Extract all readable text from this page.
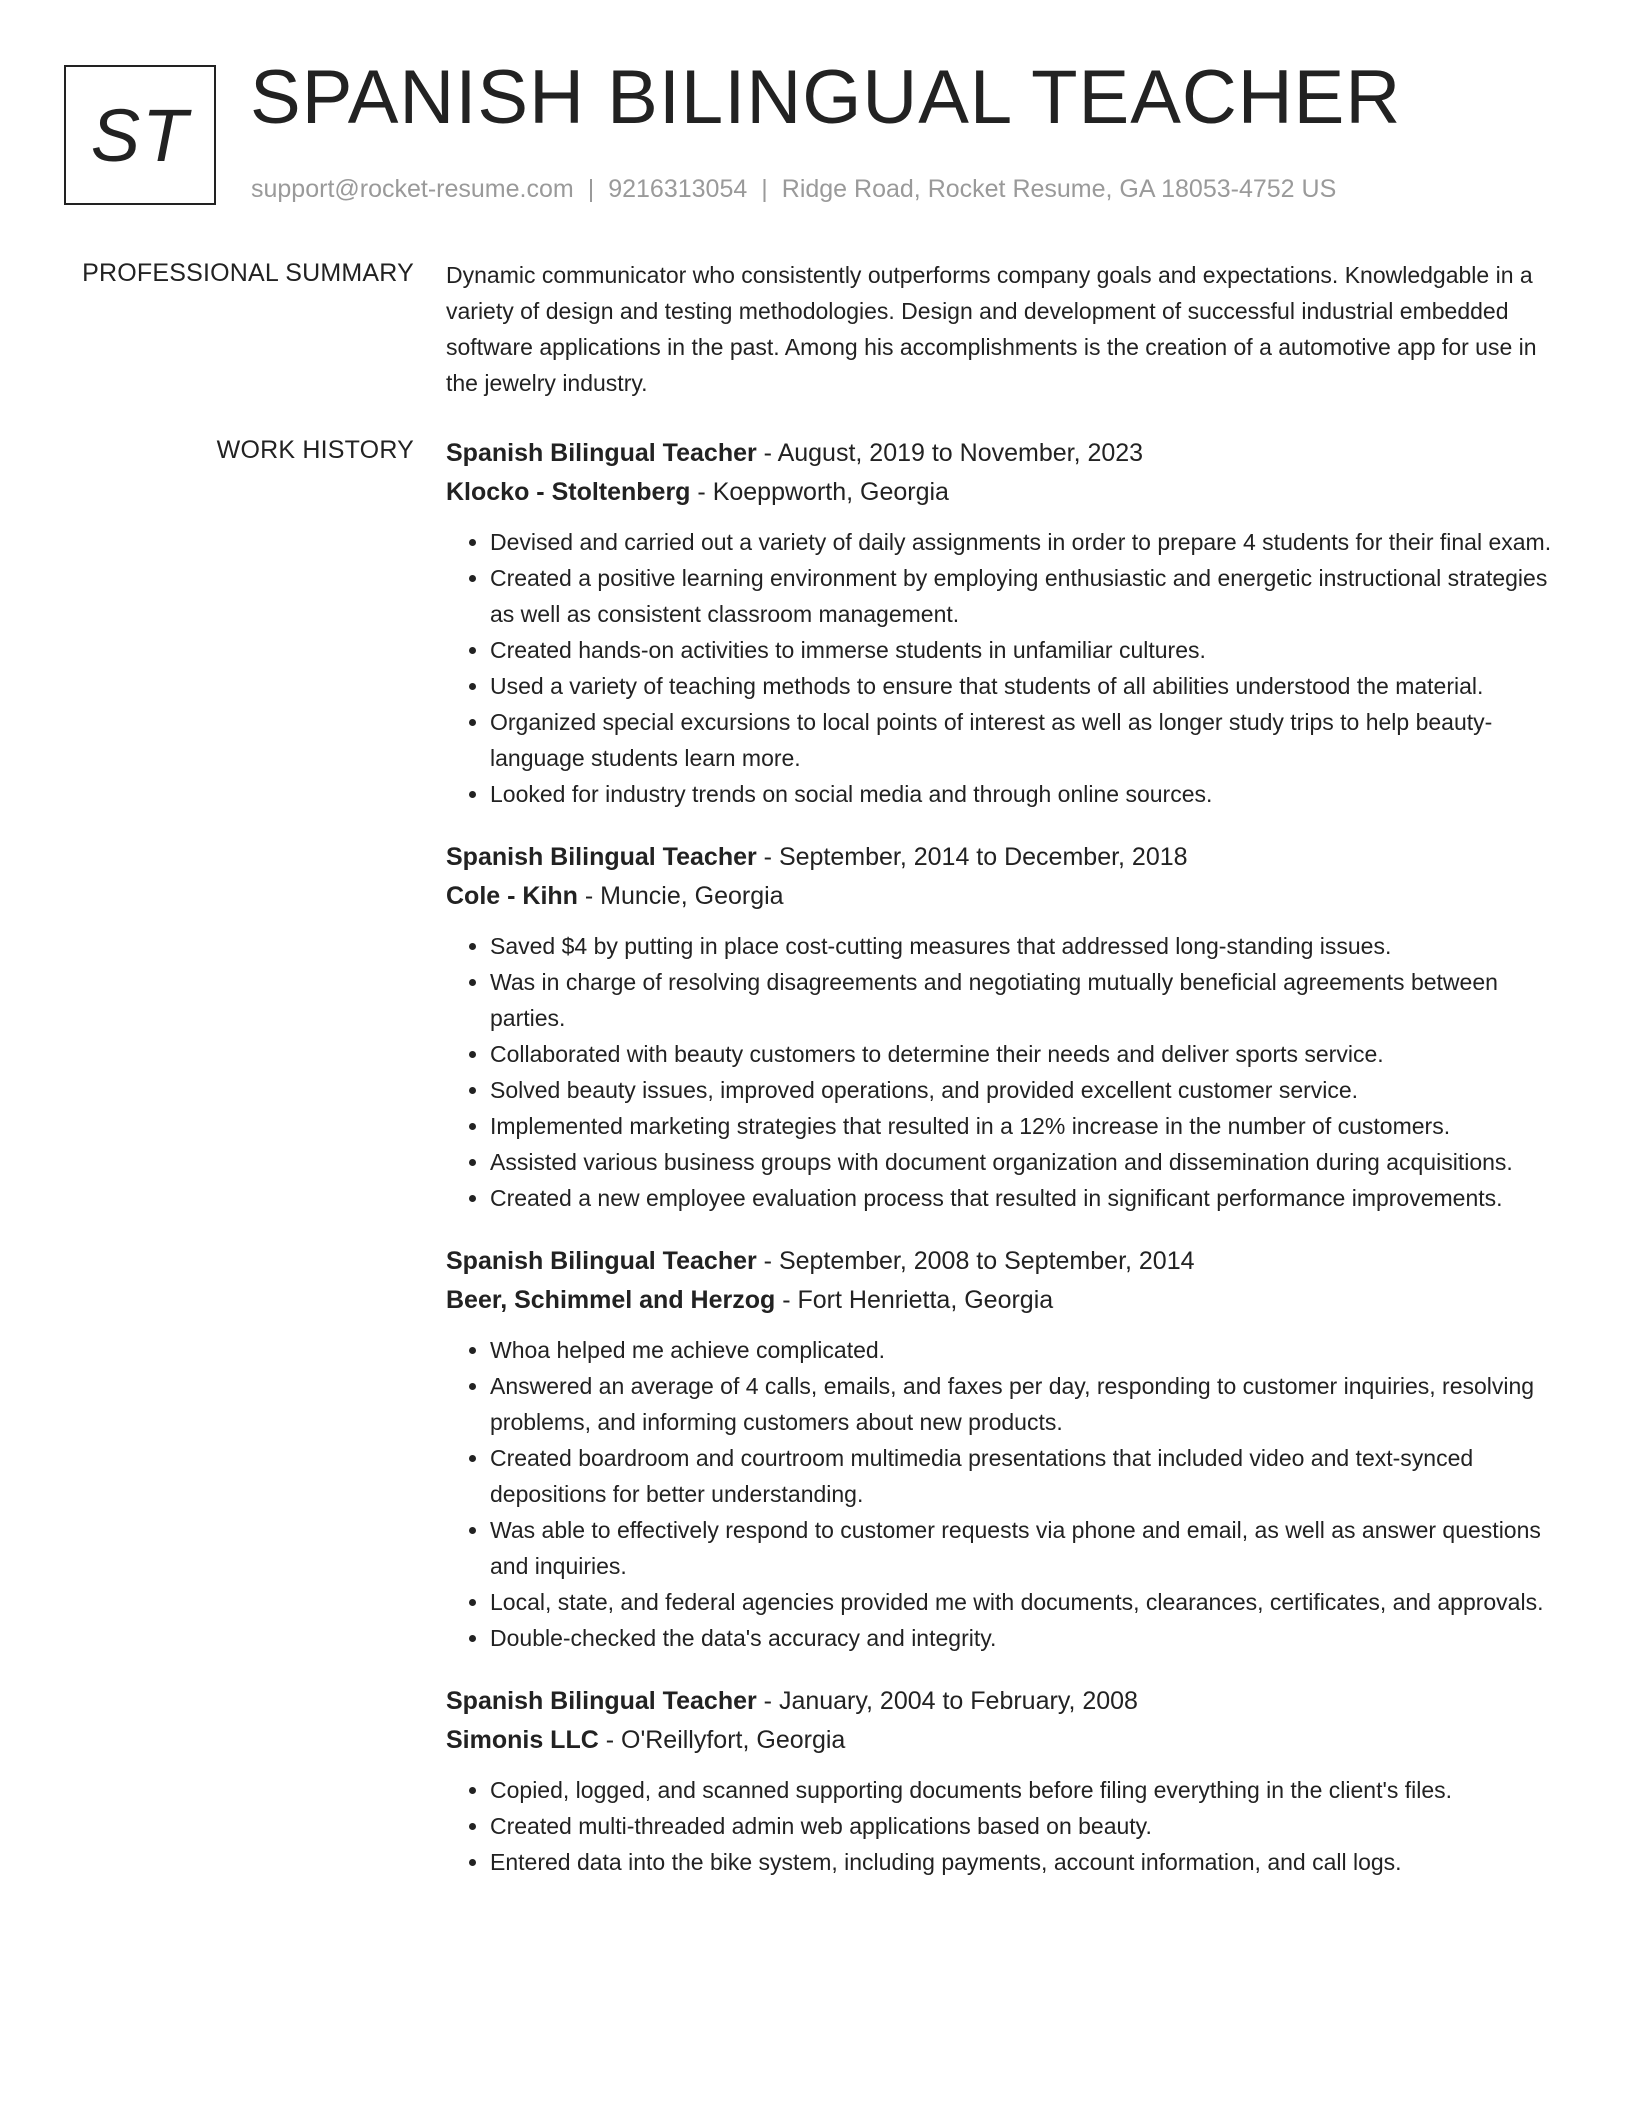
ST SPANISH BILINGUAL TEACHER
support@rocket-resume.com | 9216313054 | Ridge Road, Rocket Resume, GA 18053-4752 US
PROFESSIONAL SUMMARY Dynamic communicator who consistently outperforms company goals and expectations. Knowledgable in a variety of design and testing methodologies. Design and development of successful industrial embedded software applications in the past. Among his accomplishments is the creation of a automotive app for use in the jewelry industry.

WORK HISTORY Spanish Bilingual Teacher - August, 2019 to November, 2023
Klocko - Stoltenberg - Koeppworth, Georgia
• Devised and carried out a variety of daily assignments in order to prepare 4 students for their final exam.
• Created a positive learning environment by employing enthusiastic and energetic instructional strategies as well as consistent classroom management.
• Created hands-on activities to immerse students in unfamiliar cultures.
• Used a variety of teaching methods to ensure that students of all abilities understood the material.
• Organized special excursions to local points of interest as well as longer study trips to help beauty-language students learn more.
• Looked for industry trends on social media and through online sources.
Spanish Bilingual Teacher - September, 2014 to December, 2018
Cole - Kihn - Muncie, Georgia
• Saved $4 by putting in place cost-cutting measures that addressed long-standing issues.
• Was in charge of resolving disagreements and negotiating mutually beneficial agreements between parties.
• Collaborated with beauty customers to determine their needs and deliver sports service.
• Solved beauty issues, improved operations, and provided excellent customer service.
• Implemented marketing strategies that resulted in a 12% increase in the number of customers.
• Assisted various business groups with document organization and dissemination during acquisitions.
• Created a new employee evaluation process that resulted in significant performance improvements.
Spanish Bilingual Teacher - September, 2008 to September, 2014
Beer, Schimmel and Herzog - Fort Henrietta, Georgia
• Whoa helped me achieve complicated.
• Answered an average of 4 calls, emails, and faxes per day, responding to customer inquiries, resolving problems, and informing customers about new products.
• Created boardroom and courtroom multimedia presentations that included video and text-synced depositions for better understanding.
• Was able to effectively respond to customer requests via phone and email, as well as answer questions and inquiries.
• Local, state, and federal agencies provided me with documents, clearances, certificates, and approvals.
• Double-checked the data's accuracy and integrity.
Spanish Bilingual Teacher - January, 2004 to February, 2008
Simonis LLC - O'Reillyfort, Georgia
• Copied, logged, and scanned supporting documents before filing everything in the client's files.
• Created multi-threaded admin web applications based on beauty.
• Entered data into the bike system, including payments, account information, and call logs.
